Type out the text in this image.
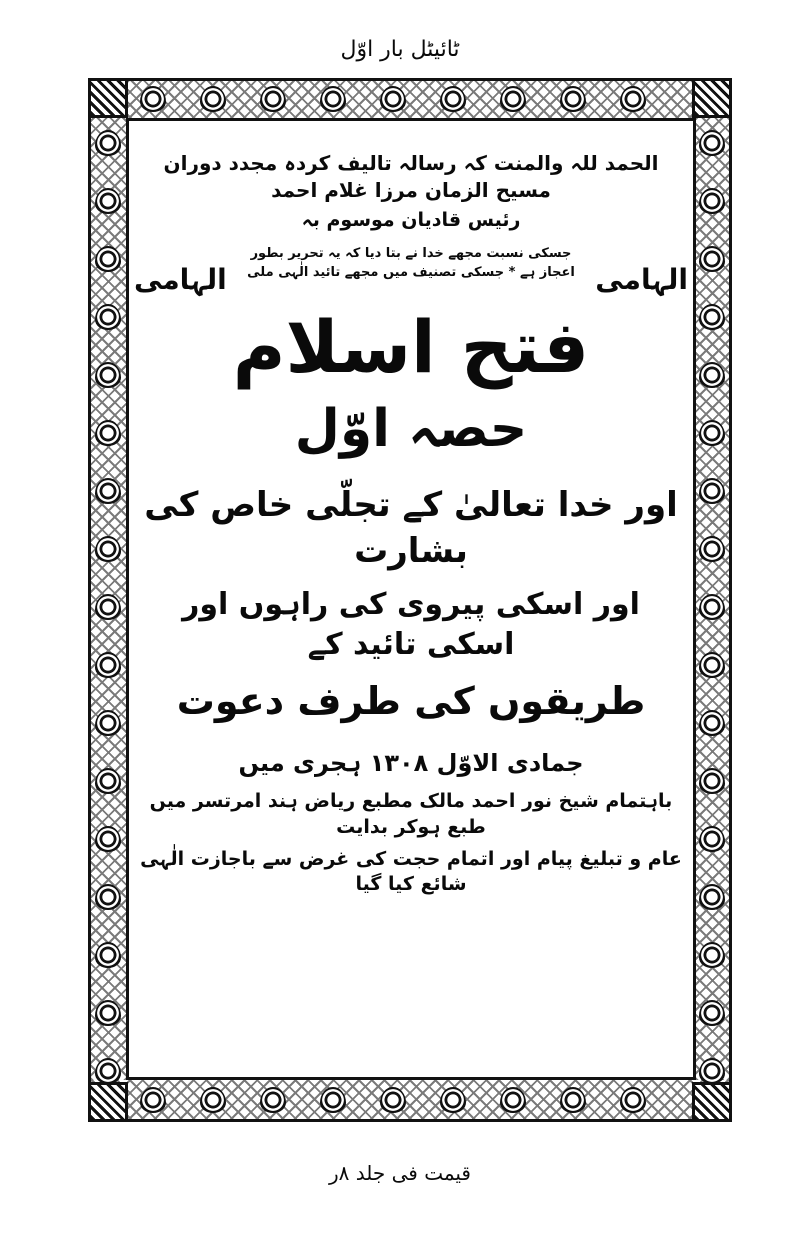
ٹائیٹل بار اوّل
الحمد للہ والمنت کہ رسالہ تالیف کردہ مجدد دوران مسیح الزمان مرزا غلام احمد
رئیس قادیان موسوم بہ
الہامی
جسکی نسبت مجھے خدا نے بتا دیا کہ یہ تحریر بطور اعجاز ہے * جسکی تصنیف میں مجھے تائید الٰہی ملی
الہامی
فتح اسلام
حصہ اوّل
اور خدا تعالیٰ کے تجلّی خاص کی بشارت
اور اسکی پیروی کی راہوں اور اسکی تائید کے
طریقوں کی طرف دعوت
جمادی الاوّل ۱۳۰۸ ہجری میں
باہتمام شیخ نور احمد مالک مطبع ریاض ہند امرتسر میں طبع ہوکر بدایت
عام و تبلیغ پیام اور اتمام حجت کی غرض سے باجازت الٰہی شائع کیا گیا
قیمت فی جلد ۸ر
